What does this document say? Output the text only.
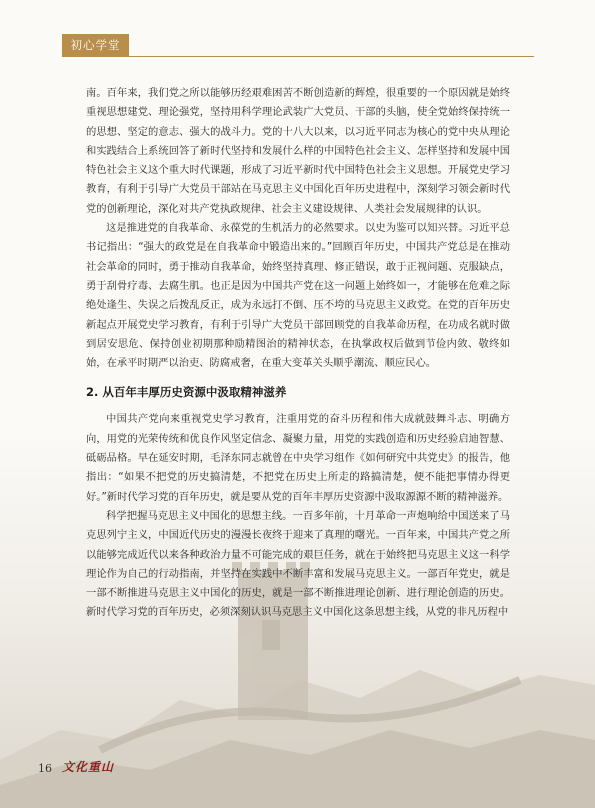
初心学堂

南。百年来，我们党之所以能够历经艰难困苦不断创造新的辉煌，很重要的一个原因就是始终重视思想建党、理论强党，坚持用科学理论武装广大党员、干部的头脑，使全党始终保持统一的思想、坚定的意志、强大的战斗力。党的十八大以来，以习近平同志为核心的党中央从理论和实践结合上系统回答了新时代坚持和发展什么样的中国特色社会主义、怎样坚持和发展中国特色社会主义这个重大时代课题，形成了习近平新时代中国特色社会主义思想。开展党史学习教育，有利于引导广大党员干部站在马克思主义中国化百年历史进程中，深刻学习领会新时代党的创新理论，深化对共产党执政规律、社会主义建设规律、人类社会发展规律的认识。

这是推进党的自我革命、永葆党的生机活力的必然要求。以史为鉴可以知兴替。习近平总书记指出：“强大的政党是在自我革命中锻造出来的。”回顾百年历史，中国共产党总是在推动社会革命的同时，勇于推动自我革命，始终坚持真理、修正错误，敢于正视问题、克服缺点，勇于刮骨疗毒、去腐生肌。也正是因为中国共产党在这一问题上始终如一，才能够在危难之际绝处逢生、失误之后拨乱反正，成为永远打不倒、压不垮的马克思主义政党。在党的百年历史新起点开展党史学习教育，有利于引导广大党员干部回顾党的自我革命历程，在功成名就时做到居安思危、保持创业初期那种励精图治的精神状态，在执掌政权后做到节俭内敛、敬终如始，在承平时期严以治吏、防腐戒奢，在重大变革关头顺乎潮流、顺应民心。

2. 从百年丰厚历史资源中汲取精神滋养

中国共产党向来重视党史学习教育，注重用党的奋斗历程和伟大成就鼓舞斗志、明确方向，用党的光荣传统和优良作风坚定信念、凝聚力量，用党的实践创造和历史经验启迪智慧、砥砺品格。早在延安时期，毛泽东同志就曾在中央学习组作《如何研究中共党史》的报告，他指出：“如果不把党的历史搞清楚，不把党在历史上所走的路搞清楚，便不能把事情办得更好。”新时代学习党的百年历史，就是要从党的百年丰厚历史资源中汲取源源不断的精神滋养。

科学把握马克思主义中国化的思想主线。一百多年前，十月革命一声炮响给中国送来了马克思列宁主义，中国近代历史的漫漫长夜终于迎来了真理的曙光。一百年来，中国共产党之所以能够完成近代以来各种政治力量不可能完成的艰巨任务，就在于始终把马克思主义这一科学理论作为自己的行动指南，并坚持在实践中不断丰富和发展马克思主义。一部百年党史，就是一部不断推进马克思主义中国化的历史，就是一部不断推进理论创新、进行理论创造的历史。新时代学习党的百年历史，必须深刻认识马克思主义中国化这条思想主线，从党的非凡历程中

16 文化重山
